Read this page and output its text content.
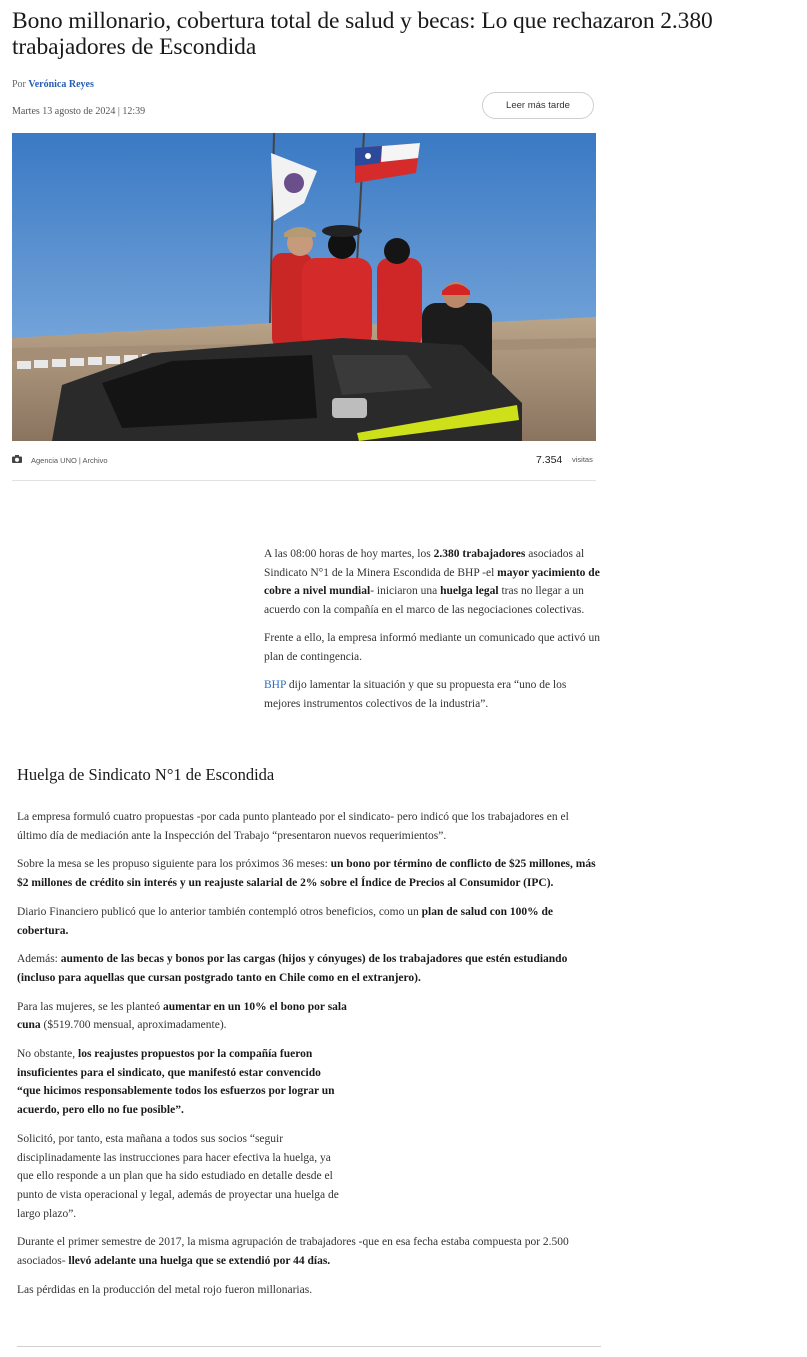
Bono millonario, cobertura total de salud y becas: Lo que rechazaron 2.380 trabajadores de Escondida

Por Verónica Reyes

Martes 13 agosto de 2024 | 12:39

Leer más tarde
Agencia UNO | Archivo	7.354 visitas

A las 08:00 horas de hoy martes, los 2.380 trabajadores asociados al Sindicato N°1 de la Minera Escondida de BHP -el mayor yacimiento de cobre a nivel mundial- iniciaron una huelga legal tras no llegar a un acuerdo con la compañía en el marco de las negociaciones colectivas.

Frente a ello, la empresa informó mediante un comunicado que activó un plan de contingencia.

BHP dijo lamentar la situación y que su propuesta era “uno de los mejores instrumentos colectivos de la industria”.

Huelga de Sindicato N°1 de Escondida

La empresa formuló cuatro propuestas -por cada punto planteado por el sindicato- pero indicó que los trabajadores en el último día de mediación ante la Inspección del Trabajo “presentaron nuevos requerimientos”.

Sobre la mesa se les propuso siguiente para los próximos 36 meses: un bono por término de conflicto de $25 millones, más $2 millones de crédito sin interés y un reajuste salarial de 2% sobre el Índice de Precios al Consumidor (IPC).

Diario Financiero publicó que lo anterior también contempló otros beneficios, como un plan de salud con 100% de cobertura.

Además: aumento de las becas y bonos por las cargas (hijos y cónyuges) de los trabajadores que estén estudiando (incluso para aquellas que cursan postgrado tanto en Chile como en el extranjero).

Para las mujeres, se les planteó aumentar en un 10% el bono por sala cuna ($519.700 mensual, aproximadamente).

No obstante, los reajustes propuestos por la compañía fueron insuficientes para el sindicato, que manifestó estar convencido “que hicimos responsablemente todos los esfuerzos por lograr un acuerdo, pero ello no fue posible”.

Solicitó, por tanto, esta mañana a todos sus socios “seguir disciplinadamente las instrucciones para hacer efectiva la huelga, ya que ello responde a un plan que ha sido estudiado en detalle desde el punto de vista operacional y legal, además de proyectar una huelga de largo plazo”.

Durante el primer semestre de 2017, la misma agrupación de trabajadores -que en esa fecha estaba compuesta por 2.500 asociados- llevó adelante una huelga que se extendió por 44 días.

Las pérdidas en la producción del metal rojo fueron millonarias.
